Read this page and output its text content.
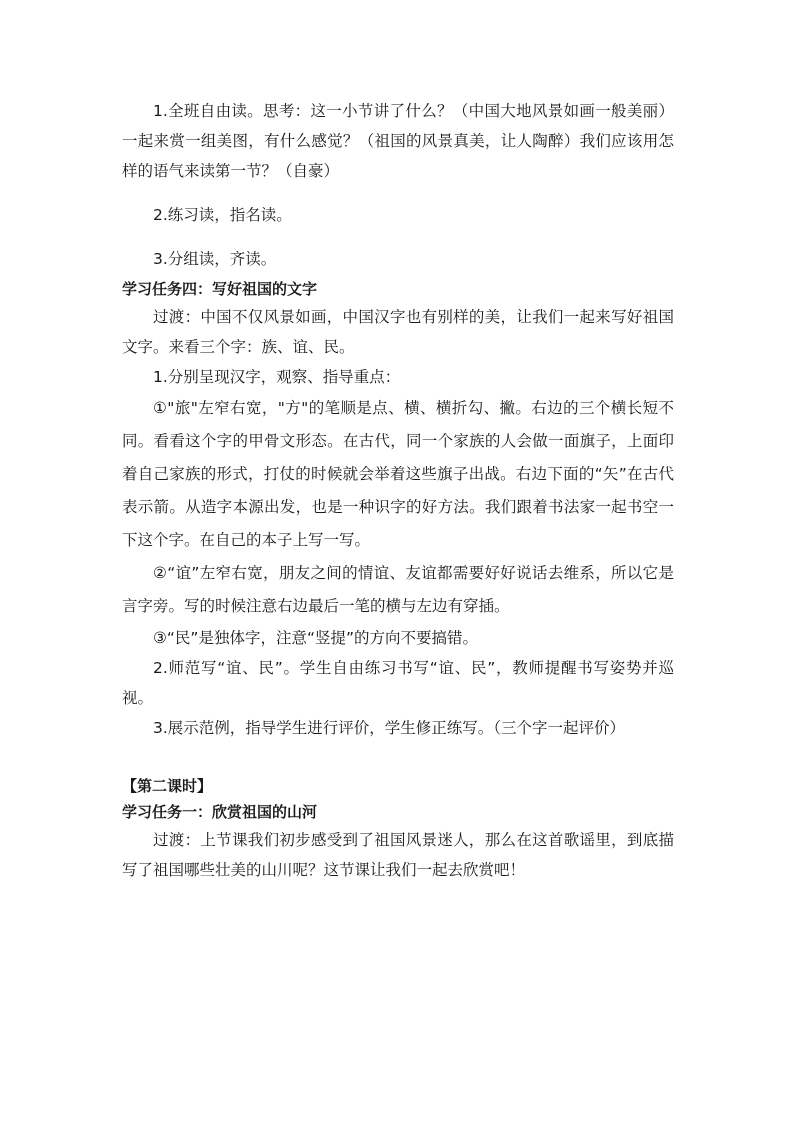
1.全班自由读。思考：这一小节讲了什么？（中国大地风景如画一般美丽）一起来赏一组美图，有什么感觉？（祖国的风景真美，让人陶醉）我们应该用怎样的语气来读第一节？（自豪）

2.练习读，指名读。

3.分组读，齐读。

学习任务四：写好祖国的文字

过渡：中国不仅风景如画，中国汉字也有别样的美，让我们一起来写好祖国文字。来看三个字：族、谊、民。

1.分别呈现汉字，观察、指导重点：

①"旅"左窄右宽，"方"的笔顺是点、横、横折勾、撇。右边的三个横长短不同。看看这个字的甲骨文形态。在古代，同一个家族的人会做一面旗子，上面印着自己家族的形式，打仗的时候就会举着这些旗子出战。右边下面的“矢”在古代表示箭。从造字本源出发，也是一种识字的好方法。我们跟着书法家一起书空一下这个字。在自己的本子上写一写。

②“谊”左窄右宽，朋友之间的情谊、友谊都需要好好说话去维系，所以它是言字旁。写的时候注意右边最后一笔的横与左边有穿插。

③“民”是独体字，注意“竖提”的方向不要搞错。

2.师范写“谊、民”。学生自由练习书写“谊、民”，教师提醒书写姿势并巡视。

3.展示范例，指导学生进行评价，学生修正练写。（三个字一起评价）

【第二课时】
学习任务一：欣赏祖国的山河

过渡：上节课我们初步感受到了祖国风景迷人，那么在这首歌谣里，到底描写了祖国哪些壮美的山川呢？这节课让我们一起去欣赏吧！
